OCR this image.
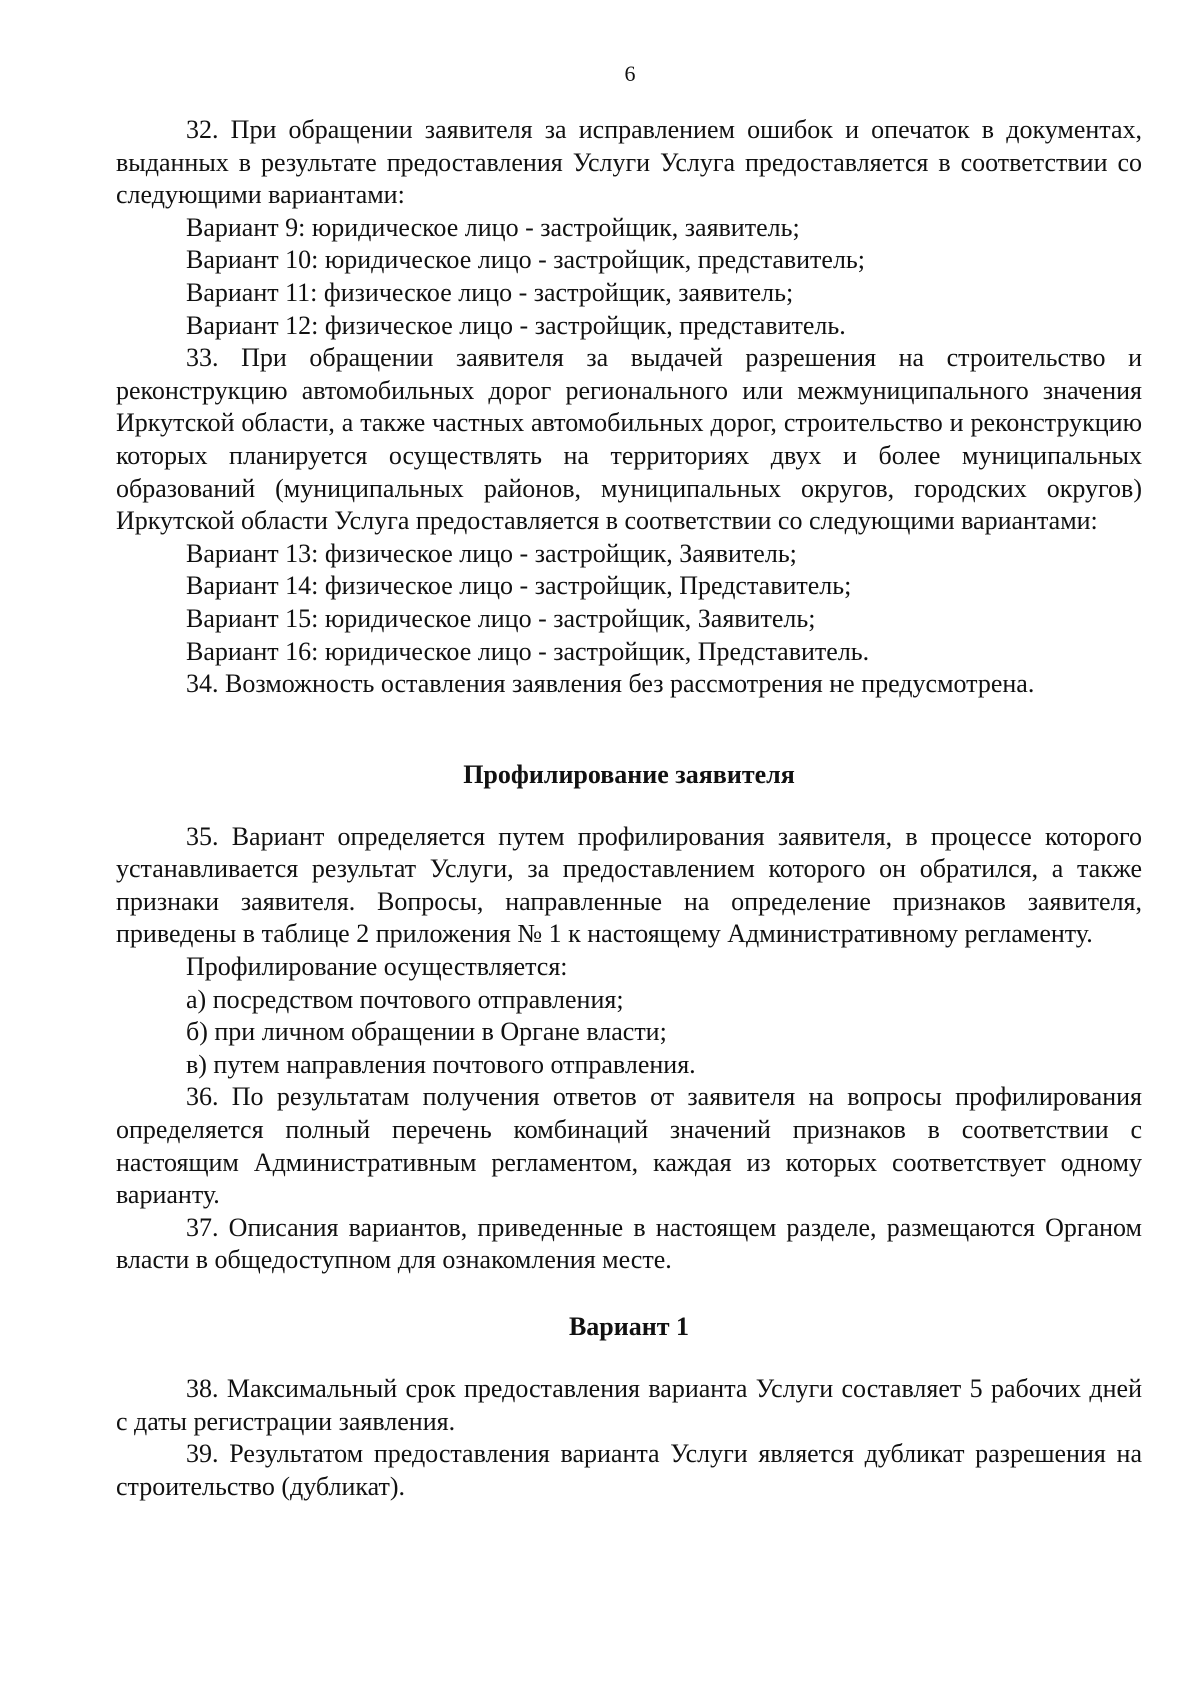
6

32. При обращении заявителя за исправлением ошибок и опечаток в документах, выданных в результате предоставления Услуги Услуга предоставляется в соответствии со следующими вариантами:

Вариант 9: юридическое лицо - застройщик, заявитель;

Вариант 10: юридическое лицо - застройщик, представитель;

Вариант 11: физическое лицо - застройщик, заявитель;

Вариант 12: физическое лицо - застройщик, представитель.

33. При обращении заявителя за выдачей разрешения на строительство и реконструкцию автомобильных дорог регионального или межмуниципального значения Иркутской области, а также частных автомобильных дорог, строительство и реконструкцию которых планируется осуществлять на территориях двух и более муниципальных образований (муниципальных районов, муниципальных округов, городских округов) Иркутской области Услуга предоставляется в соответствии со следующими вариантами:

Вариант 13: физическое лицо - застройщик, Заявитель;

Вариант 14: физическое лицо - застройщик, Представитель;

Вариант 15: юридическое лицо - застройщик, Заявитель;

Вариант 16: юридическое лицо - застройщик, Представитель.

34. Возможность оставления заявления без рассмотрения не предусмотрена.

Профилирование заявителя

35. Вариант определяется путем профилирования заявителя, в процессе которого устанавливается результат Услуги, за предоставлением которого он обратился, а также признаки заявителя. Вопросы, направленные на определение признаков заявителя, приведены в таблице 2 приложения № 1 к настоящему Административному регламенту.

Профилирование осуществляется:

а) посредством почтового отправления;

б) при личном обращении в Органе власти;

в) путем направления почтового отправления.

36. По результатам получения ответов от заявителя на вопросы профилирования определяется полный перечень комбинаций значений признаков в соответствии с настоящим Административным регламентом, каждая из которых соответствует одному варианту.

37. Описания вариантов, приведенные в настоящем разделе, размещаются Органом власти в общедоступном для ознакомления месте.

Вариант 1

38. Максимальный срок предоставления варианта Услуги составляет 5 рабочих дней с даты регистрации заявления.

39. Результатом предоставления варианта Услуги является дубликат разрешения на строительство (дубликат).
